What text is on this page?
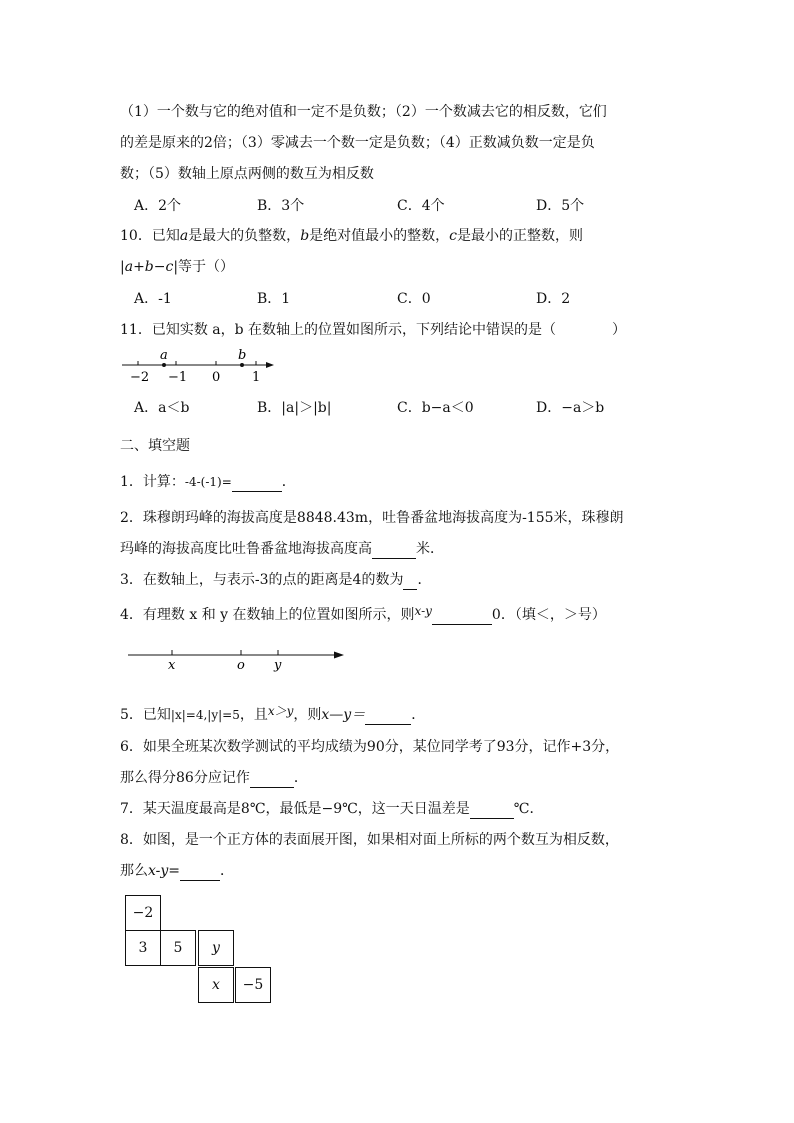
（1）一个数与它的绝对值和一定不是负数；（2）一个数减去它的相反数，它们
的差是原来的2倍；（3）零减去一个数一定是负数；（4）正数减负数一定是负
数；（5）数轴上原点两侧的数互为相反数
A．2个	B．3个	C．4个	D．5个
10．已知a是最大的负整数，b是绝对值最小的整数，c是最小的正整数，则
|a+b−c|等于（）
A．-1	B．1	C．0	D．2
11．已知实数 a，b 在数轴上的位置如图所示，下列结论中错误的是（　　　　）
a	b
−2 −1 0 1
A．a＜b	B．|a|＞|b|	C．b−a＜0	D．−a＞b
二、填空题
1．计算：-4-(-1)=	．
2．珠穆朗玛峰的海拔高度是8848.43m，吐鲁番盆地海拔高度为-155米，珠穆朗
玛峰的海拔高度比吐鲁番盆地海拔高度高	米．
3．在数轴上，与表示-3的点的距离是4的数为 ．
4．有理数 x 和 y 在数轴上的位置如图所示，则x-y	0．（填＜，＞号）
x	o y
5．已知|x|=4,|y|=5，且x＞y，则x—y＝	．
6．如果全班某次数学测试的平均成绩为90分，某位同学考了93分，记作+3分，
那么得分86分应记作	．
7．某天温度最高是8℃，最低是−9℃，这一天日温差是	℃．
8．如图，是一个正方体的表面展开图，如果相对面上所标的两个数互为相反数，
那么x-y=	．
−2
3	5	y
x	−5
